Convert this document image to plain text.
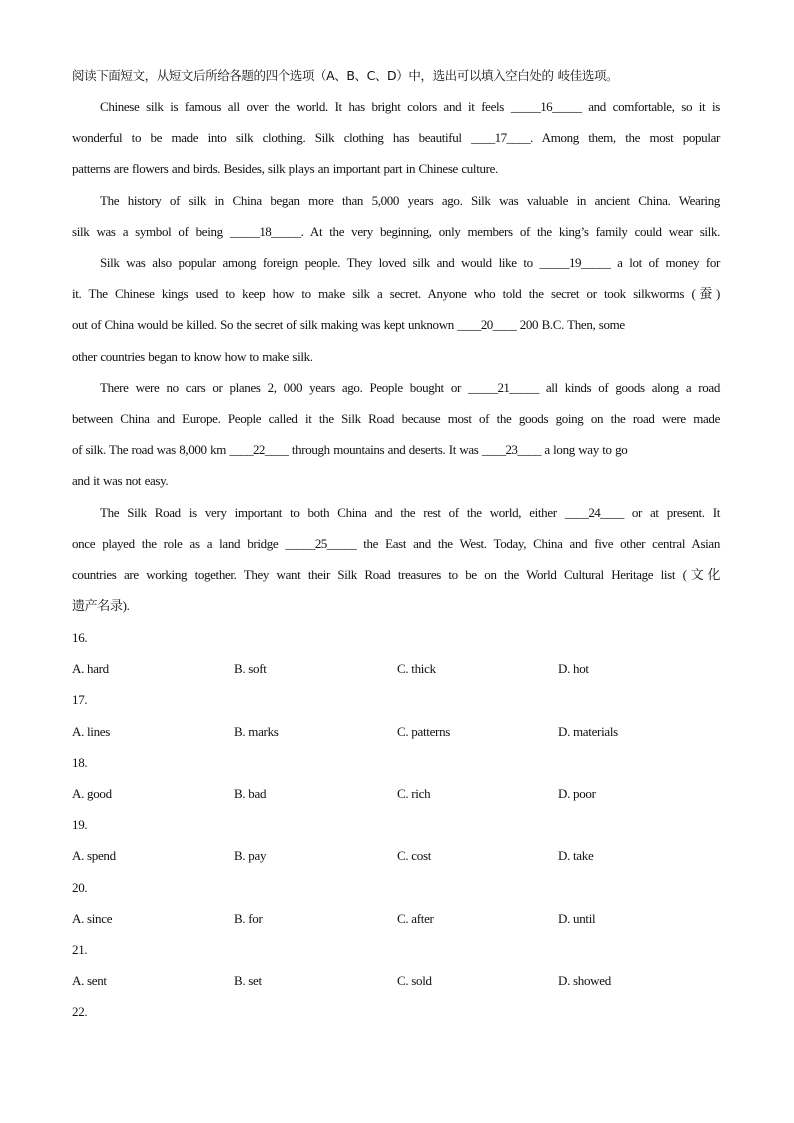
阅读下面短文，从短文后所给各题的四个选项（A、B、C、D）中，选出可以填入空白处的 岐佳选项。
Chinese silk is famous all over the world. It has bright colors and it feels _____16_____ and comfortable, so it is
wonderful to be made into silk clothing. Silk clothing has beautiful ____17____. Among them, the most popular
patterns are flowers and birds. Besides, silk plays an important part in Chinese culture.
The history of silk in China began more than 5,000 years ago. Silk was valuable in ancient China. Wearing
silk was a symbol of being _____18_____. At the very beginning, only members of the king’s family could wear silk.
Silk was also popular among foreign people. They loved silk and would like to _____19_____ a lot of money for
it. The Chinese kings used to keep how to make silk a secret. Anyone who told the secret or took silkworms (蚕)
out of China would be killed. So the secret of silk making was kept unknown ____20____ 200 B.C. Then, some
other countries began to know how to make silk.
There were no cars or planes 2, 000 years ago. People bought or _____21_____ all kinds of goods along a road
between China and Europe. People called it the Silk Road because most of the goods going on the road were made
of silk. The road was 8,000 km ____22____ through mountains and deserts. It was ____23____ a long way to go
and it was not easy.
The Silk Road is very important to both China and the rest of the world, either ____24____ or at present. It
once played the role as a land bridge _____25_____ the East and the West. Today, China and five other central Asian
countries are working together. They want their Silk Road treasures to be on the World Cultural Heritage list (文化
遗产名录).
16.
A. hard	B. soft	C. thick	D. hot
17.
A. lines	B. marks	C. patterns	D. materials
18.
A. good	B. bad	C. rich	D. poor
19.
A. spend	B. pay	C. cost	D. take
20.
A. since	B. for	C. after	D. until
21.
A. sent	B. set	C. sold	D. showed
22.
